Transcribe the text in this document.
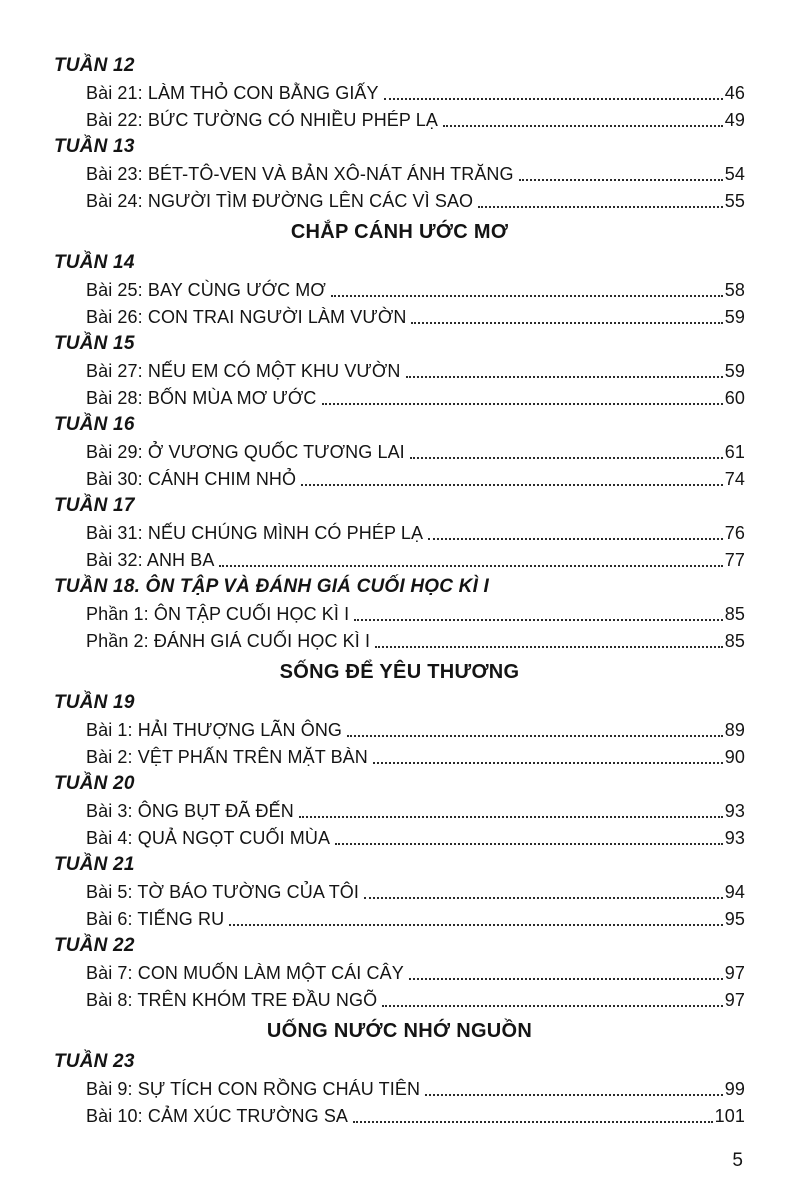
TUẦN 12
Bài 21: LÀM THỎ CON BẰNG GIẤY	46
Bài 22: BỨC TƯỜNG CÓ NHIỀU PHÉP LẠ	49
TUẦN 13
Bài 23: BÉT-TÔ-VEN VÀ BẢN XÔ-NÁT ÁNH TRĂNG	54
Bài 24: NGƯỜI TÌM ĐƯỜNG LÊN CÁC VÌ SAO	55
CHẮP CÁNH ƯỚC MƠ
TUẦN 14
Bài 25: BAY CÙNG ƯỚC MƠ	58
Bài 26: CON TRAI NGƯỜI LÀM VƯỜN	59
TUẦN 15
Bài 27: NẾU EM CÓ MỘT KHU VƯỜN	59
Bài 28: BỐN MÙA MƠ ƯỚC	60
TUẦN 16
Bài 29: Ở VƯƠNG QUỐC TƯƠNG LAI	61
Bài 30: CÁNH CHIM NHỎ	74
TUẦN 17
Bài 31: NẾU CHÚNG MÌNH CÓ PHÉP LẠ	76
Bài 32: ANH BA	77
TUẦN 18. ÔN TẬP VÀ ĐÁNH GIÁ CUỐI HỌC KÌ I
Phần 1: ÔN TẬP CUỐI HỌC KÌ I	85
Phần 2: ĐÁNH GIÁ CUỐI HỌC KÌ I	85
SỐNG ĐỂ YÊU THƯƠNG
TUẦN 19
Bài 1: HẢI THƯỢNG LÃN ÔNG	89
Bài 2: VỆT PHẤN TRÊN MẶT BÀN	90
TUẦN 20
Bài 3: ÔNG BỤT ĐÃ ĐẾN	93
Bài 4: QUẢ NGỌT CUỐI MÙA	93
TUẦN 21
Bài 5: TỜ BÁO TƯỜNG CỦA TÔI	94
Bài 6: TIẾNG RU	95
TUẦN 22
Bài 7: CON MUỐN LÀM MỘT CÁI CÂY	97
Bài 8: TRÊN KHÓM TRE ĐẦU NGÕ	97
UỐNG NƯỚC NHỚ NGUỒN
TUẦN 23
Bài 9: SỰ TÍCH CON RỒNG CHÁU TIÊN	99
Bài 10: CẢM XÚC TRƯỜNG SA	101
5
